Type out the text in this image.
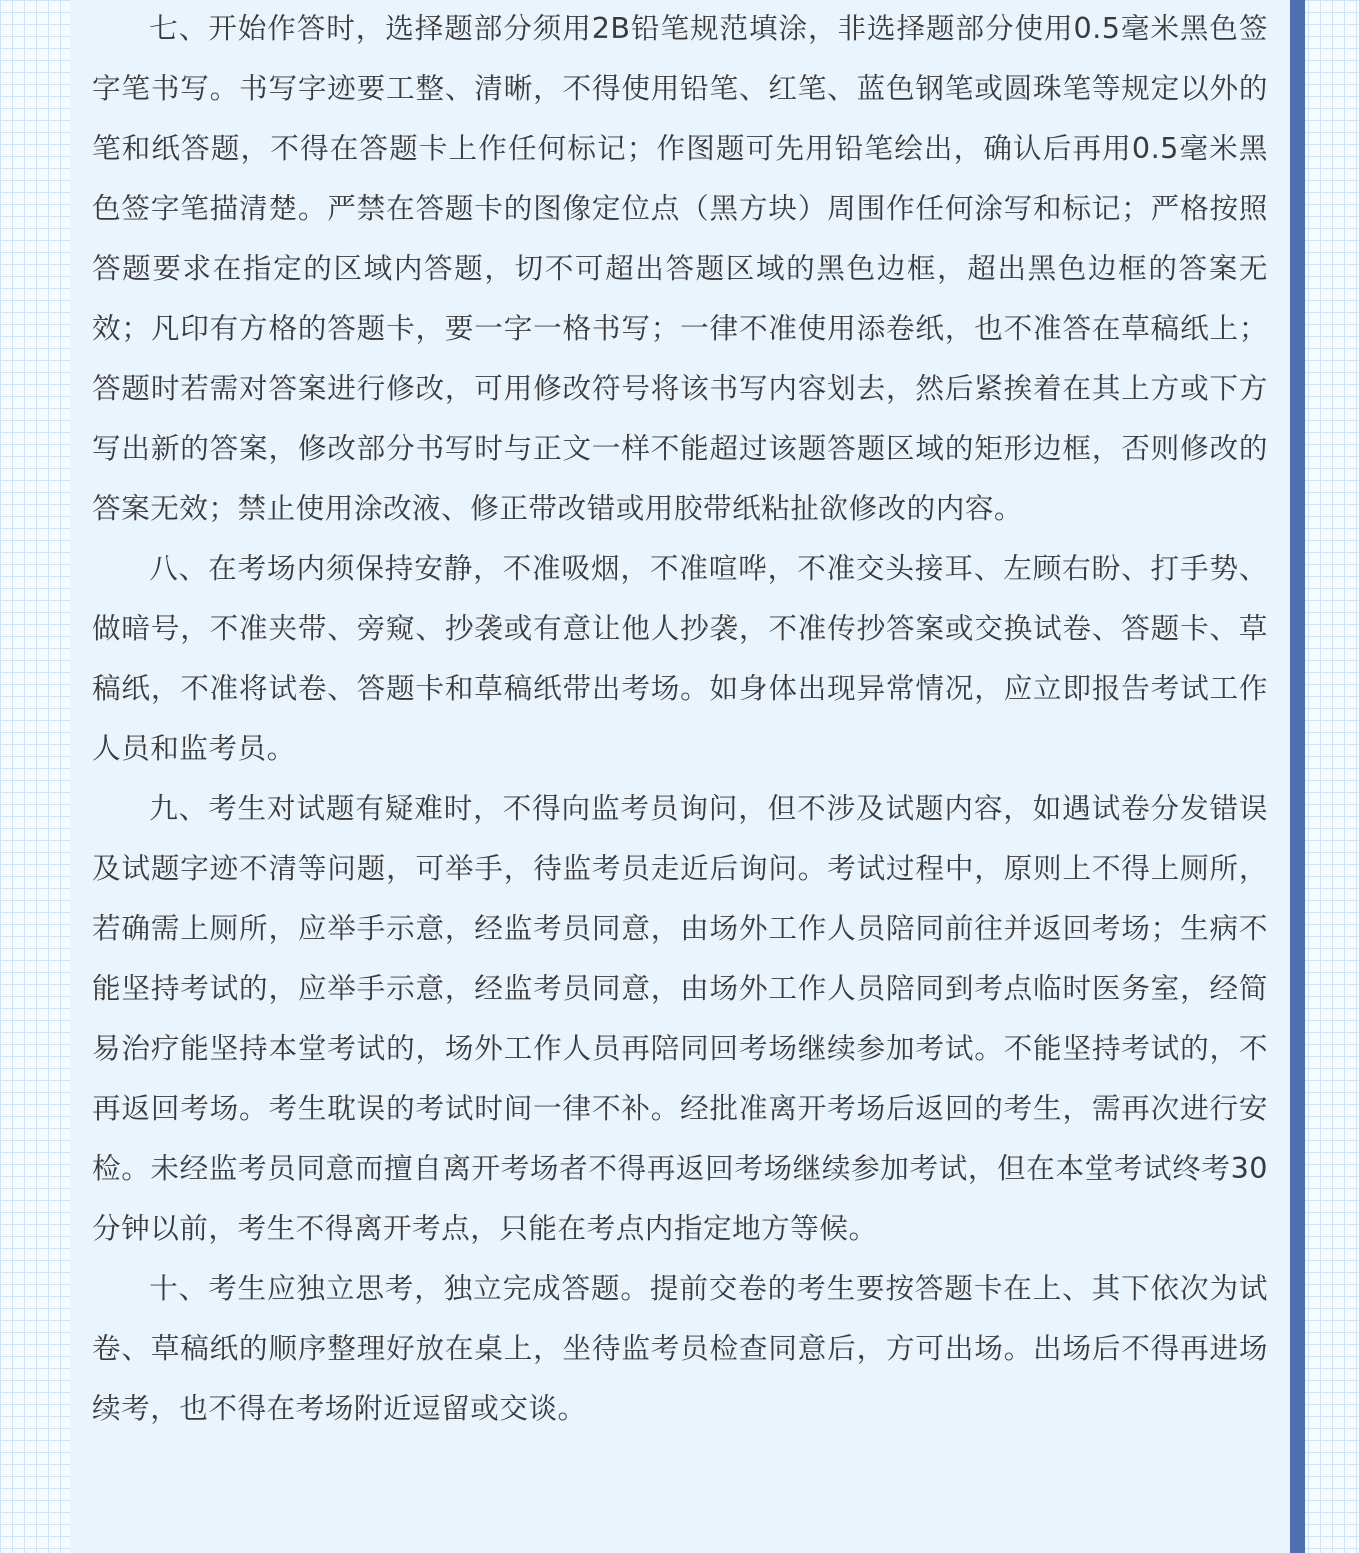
七、开始作答时，选择题部分须用2B铅笔规范填涂，非选择题部分使用0.5毫米黑色签字笔书写。书写字迹要工整、清晰，不得使用铅笔、红笔、蓝色钢笔或圆珠笔等规定以外的笔和纸答题，不得在答题卡上作任何标记；作图题可先用铅笔绘出，确认后再用0.5毫米黑色签字笔描清楚。严禁在答题卡的图像定位点（黑方块）周围作任何涂写和标记；严格按照答题要求在指定的区域内答题，切不可超出答题区域的黑色边框，超出黑色边框的答案无效；凡印有方格的答题卡，要一字一格书写；一律不准使用添卷纸，也不准答在草稿纸上；答题时若需对答案进行修改，可用修改符号将该书写内容划去，然后紧挨着在其上方或下方写出新的答案，修改部分书写时与正文一样不能超过该题答题区域的矩形边框，否则修改的答案无效；禁止使用涂改液、修正带改错或用胶带纸粘扯欲修改的内容。

八、在考场内须保持安静，不准吸烟，不准喧哗，不准交头接耳、左顾右盼、打手势、做暗号，不准夹带、旁窥、抄袭或有意让他人抄袭，不准传抄答案或交换试卷、答题卡、草稿纸，不准将试卷、答题卡和草稿纸带出考场。如身体出现异常情况，应立即报告考试工作人员和监考员。

九、考生对试题有疑难时，不得向监考员询问，但不涉及试题内容，如遇试卷分发错误及试题字迹不清等问题，可举手，待监考员走近后询问。考试过程中，原则上不得上厕所，若确需上厕所，应举手示意，经监考员同意，由场外工作人员陪同前往并返回考场；生病不能坚持考试的，应举手示意，经监考员同意，由场外工作人员陪同到考点临时医务室，经简易治疗能坚持本堂考试的，场外工作人员再陪同回考场继续参加考试。不能坚持考试的，不再返回考场。考生耽误的考试时间一律不补。经批准离开考场后返回的考生，需再次进行安检。未经监考员同意而擅自离开考场者不得再返回考场继续参加考试，但在本堂考试终考30分钟以前，考生不得离开考点，只能在考点内指定地方等候。

十、考生应独立思考，独立完成答题。提前交卷的考生要按答题卡在上、其下依次为试卷、草稿纸的顺序整理好放在桌上，坐待监考员检查同意后，方可出场。出场后不得再进场续考，也不得在考场附近逗留或交谈。
